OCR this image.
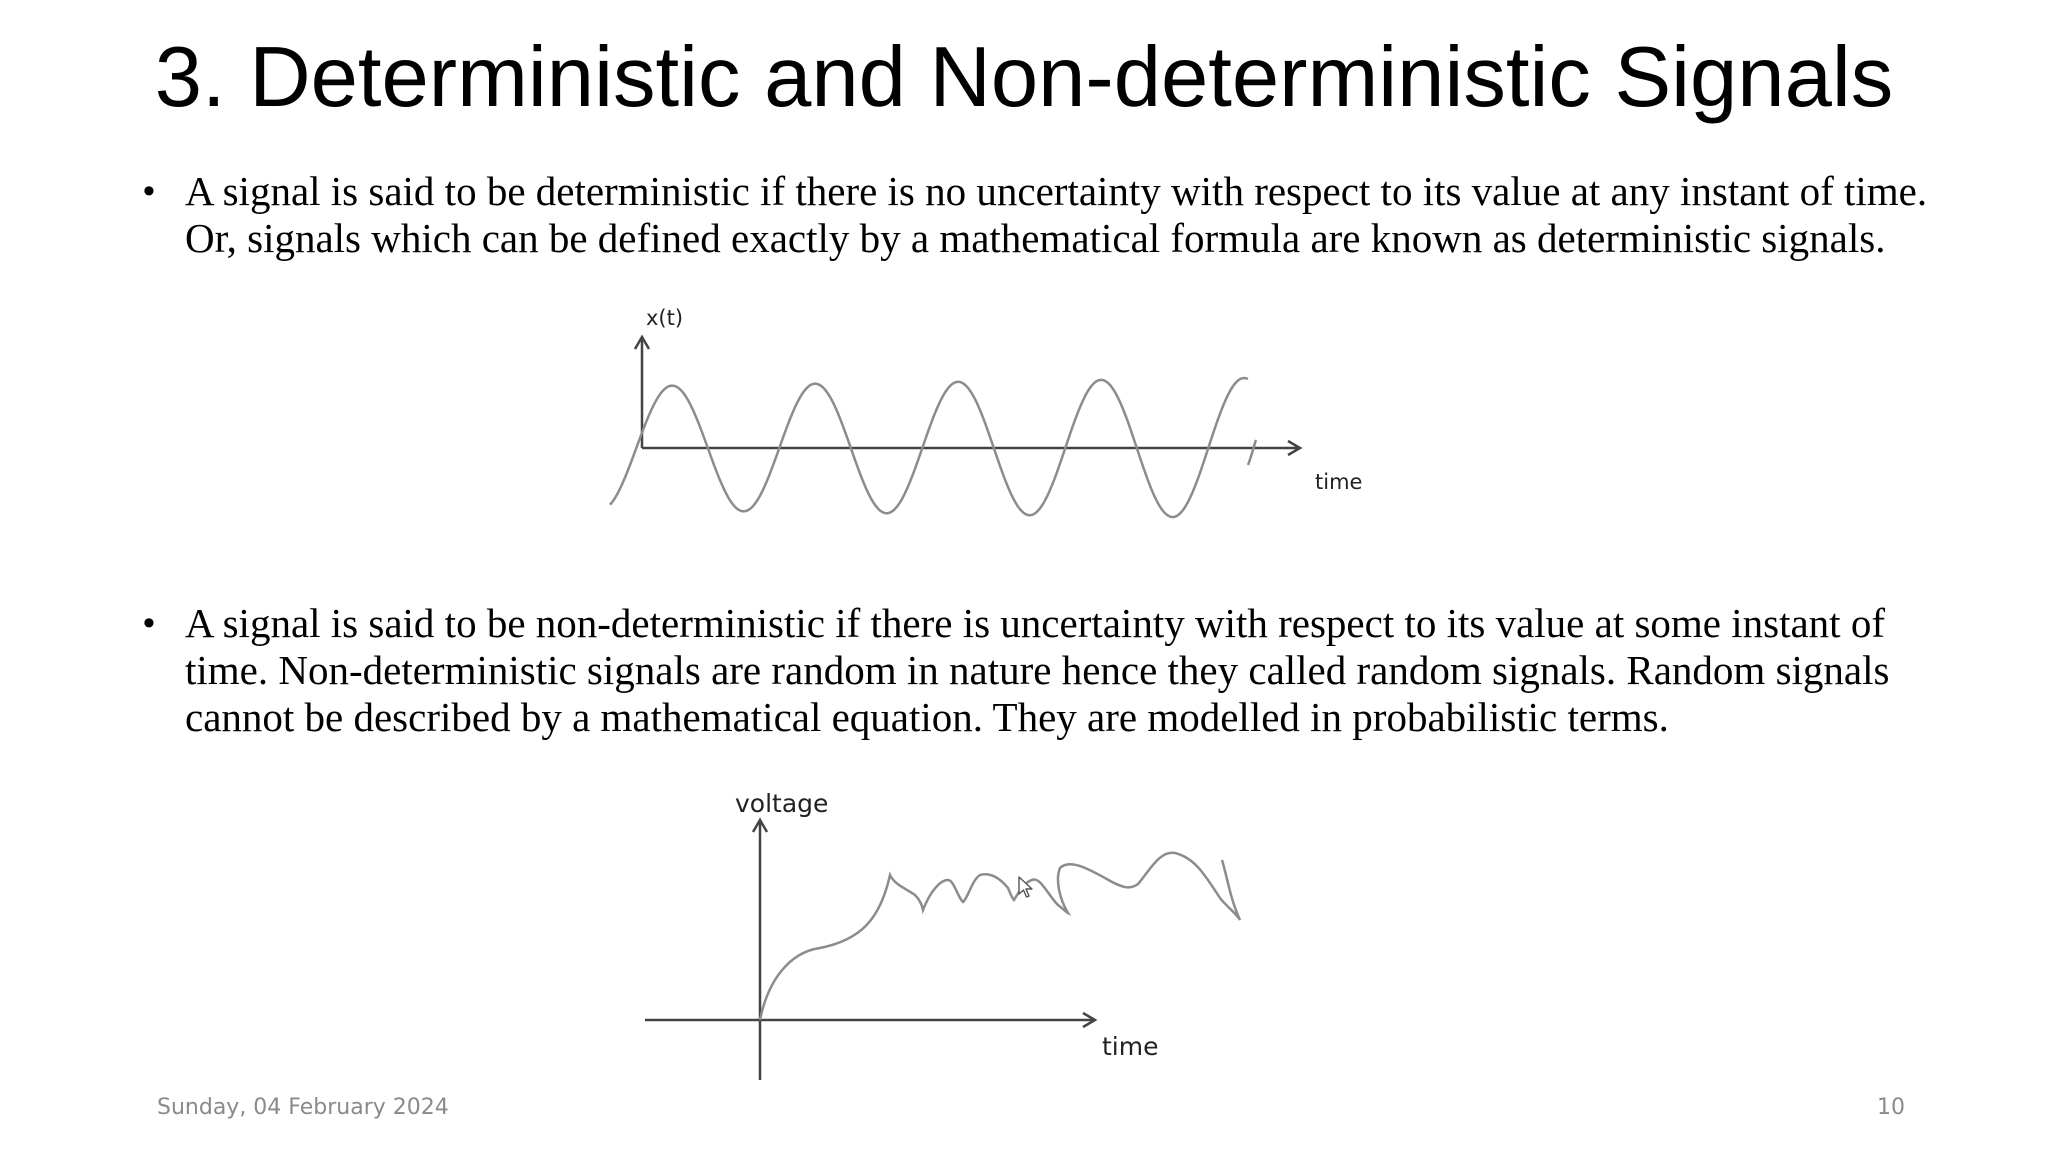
3. Deterministic and Non-deterministic Signals
• A signal is said to be deterministic if there is no uncertainty with respect to its value at any instant of time. Or, signals which can be defined exactly by a mathematical formula are known as deterministic signals.
x(t)
time
• A signal is said to be non-deterministic if there is uncertainty with respect to its value at some instant of time. Non-deterministic signals are random in nature hence they called random signals. Random signals cannot be described by a mathematical equation. They are modelled in probabilistic terms.
voltage
time
Sunday, 04 February 2024	10
